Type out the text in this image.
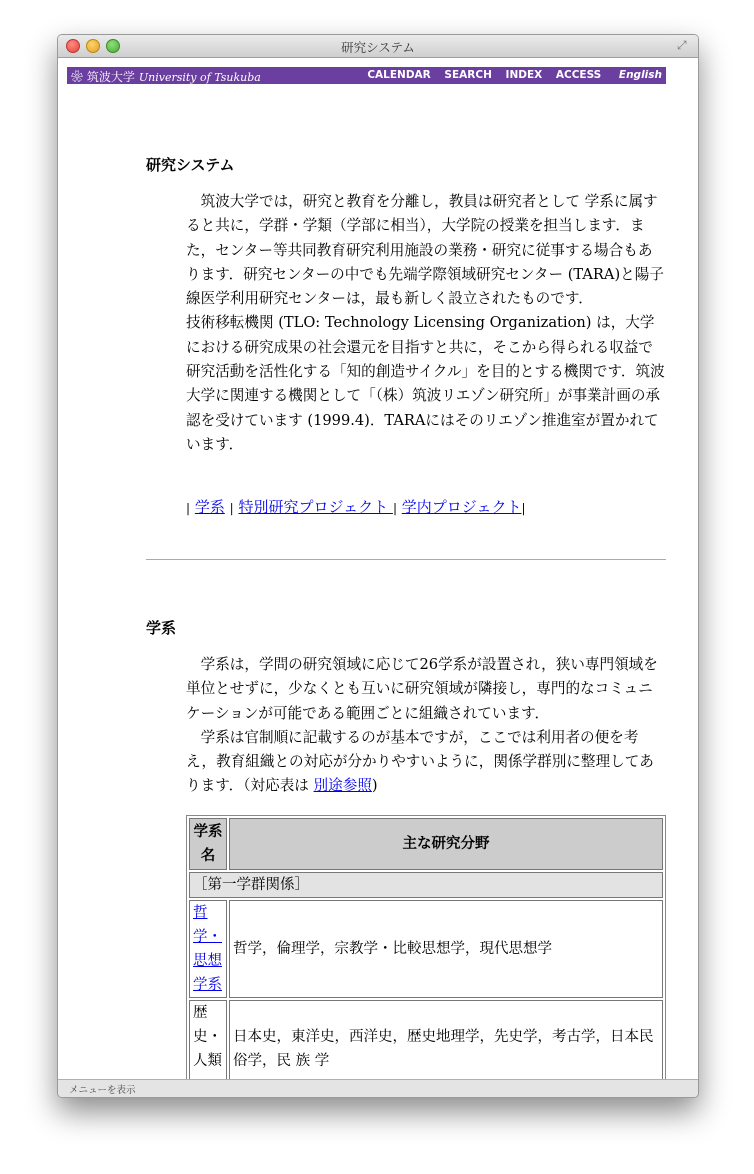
研究システム	⤢
❀ 筑波大学 University of Tsukuba	CALENDAR SEARCH INDEX ACCESS English
研究システム

筑波大学では，研究と教育を分離し，教員は研究者として 学系に属すると共に，学群・学類（学部に相当），大学院の授業を担当します．また，センター等共同教育研究利用施設の業務・研究に従事する場合もあります．研究センターの中でも先端学際領域研究センター (TARA)と陽子線医学利用研究センターは，最も新しく設立されたものです．

技術移転機関 (TLO: Technology Licensing Organization) は，大学における研究成果の社会還元を目指すと共に，そこから得られる収益で研究活動を活性化する「知的創造サイクル」を目的とする機関です．筑波大学に関連する機関として「（株）筑波リエゾン研究所」が事業計画の承認を受けています (1999.4)．TARAにはそのリエゾン推進室が置かれています．

| 学系 | 特別研究プロジェクト | 学内プロジェクト|
学系

学系は，学問の研究領域に応じて26学系が設置され，狭い専門領域を単位とせずに，少なくとも互いに研究領域が隣接し，専門的なコミュニケーションが可能である範囲ごとに組織されています．

学系は官制順に記載するのが基本ですが，ここでは利用者の便を考え，教育組織との対応が分かりやすいように，関係学群別に整理してあります．（対応表は 別途参照)

学系名	主な研究分野
［第一学群関係］	
哲学・思想学系	哲学，倫理学，宗教学・比較思想学，現代思想学
歴史・人類	日本史，東洋史，西洋史，歴史地理学，先史学，考古学，日本民俗学，民 族 学
メニューを表示
